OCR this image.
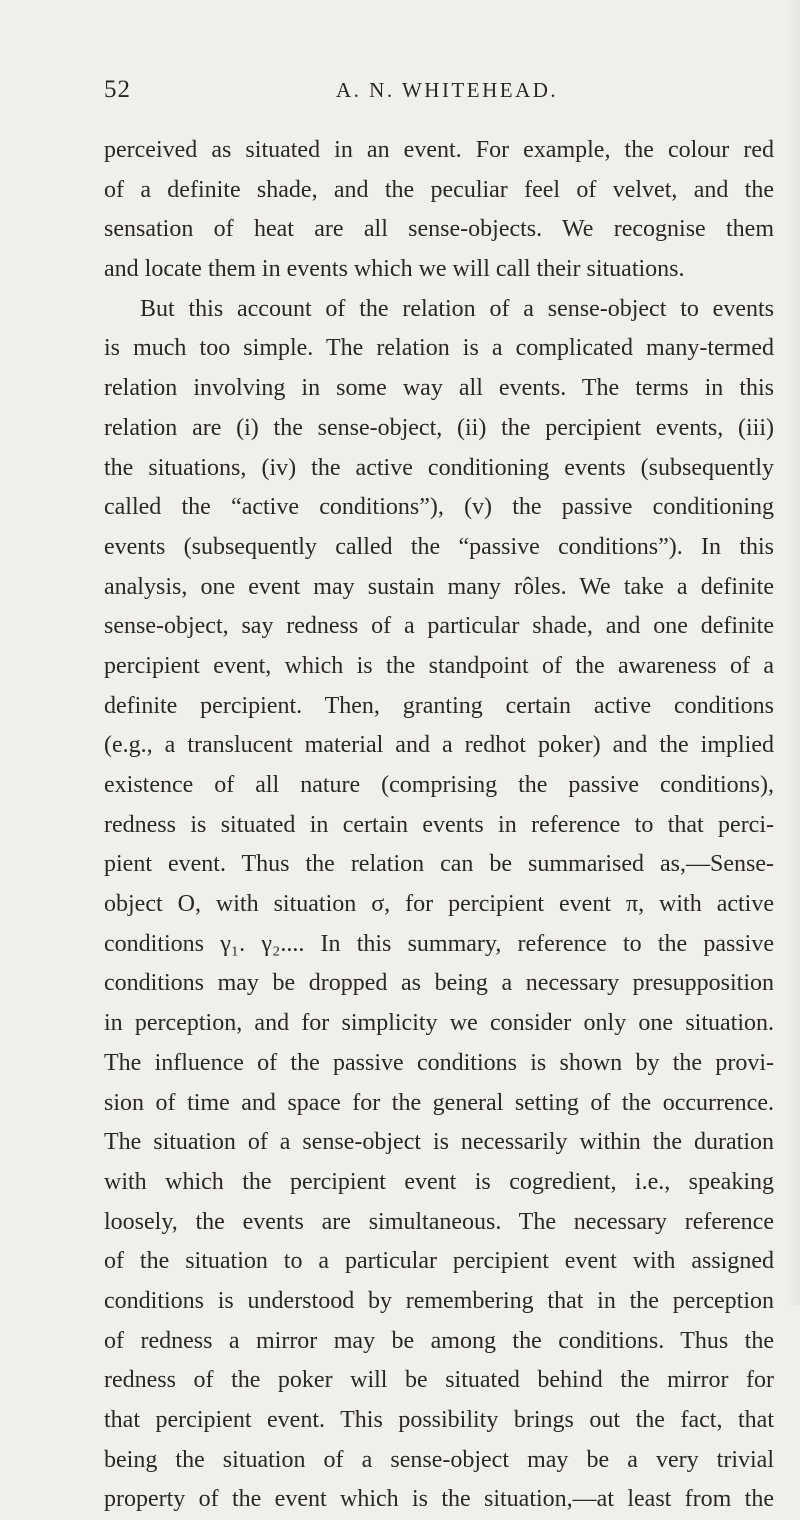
52	A. N. WHITEHEAD.
perceived as situated in an event. For example, the colour red
of a definite shade, and the peculiar feel of velvet, and the
sensation of heat are all sense-objects. We recognise them
and locate them in events which we will call their situations.
But this account of the relation of a sense-object to events
is much too simple. The relation is a complicated many-termed
relation involving in some way all events. The terms in this
relation are (i) the sense-object, (ii) the percipient events, (iii)
the situations, (iv) the active conditioning events (subsequently
called the “active conditions”), (v) the passive conditioning
events (subsequently called the “passive conditions”). In this
analysis, one event may sustain many rôles. We take a definite
sense-object, say redness of a particular shade, and one definite
percipient event, which is the standpoint of the awareness of a
definite percipient. Then, granting certain active conditions
(e.g., a translucent material and a redhot poker) and the implied
existence of all nature (comprising the passive conditions),
redness is situated in certain events in reference to that perci-
pient event. Thus the relation can be summarised as,—Sense-
object O, with situation σ, for percipient event π, with active
conditions γ₁. γ₂.... In this summary, reference to the passive
conditions may be dropped as being a necessary presupposition
in perception, and for simplicity we consider only one situation.
The influence of the passive conditions is shown by the provi-
sion of time and space for the general setting of the occurrence.
The situation of a sense-object is necessarily within the duration
with which the percipient event is cogredient, i.e., speaking
loosely, the events are simultaneous. The necessary reference
of the situation to a particular percipient event with assigned
conditions is understood by remembering that in the perception
of redness a mirror may be among the conditions. Thus the
redness of the poker will be situated behind the mirror for
that percipient event. This possibility brings out the fact, that
being the situation of a sense-object may be a very trivial
property of the event which is the situation,—at least from the
